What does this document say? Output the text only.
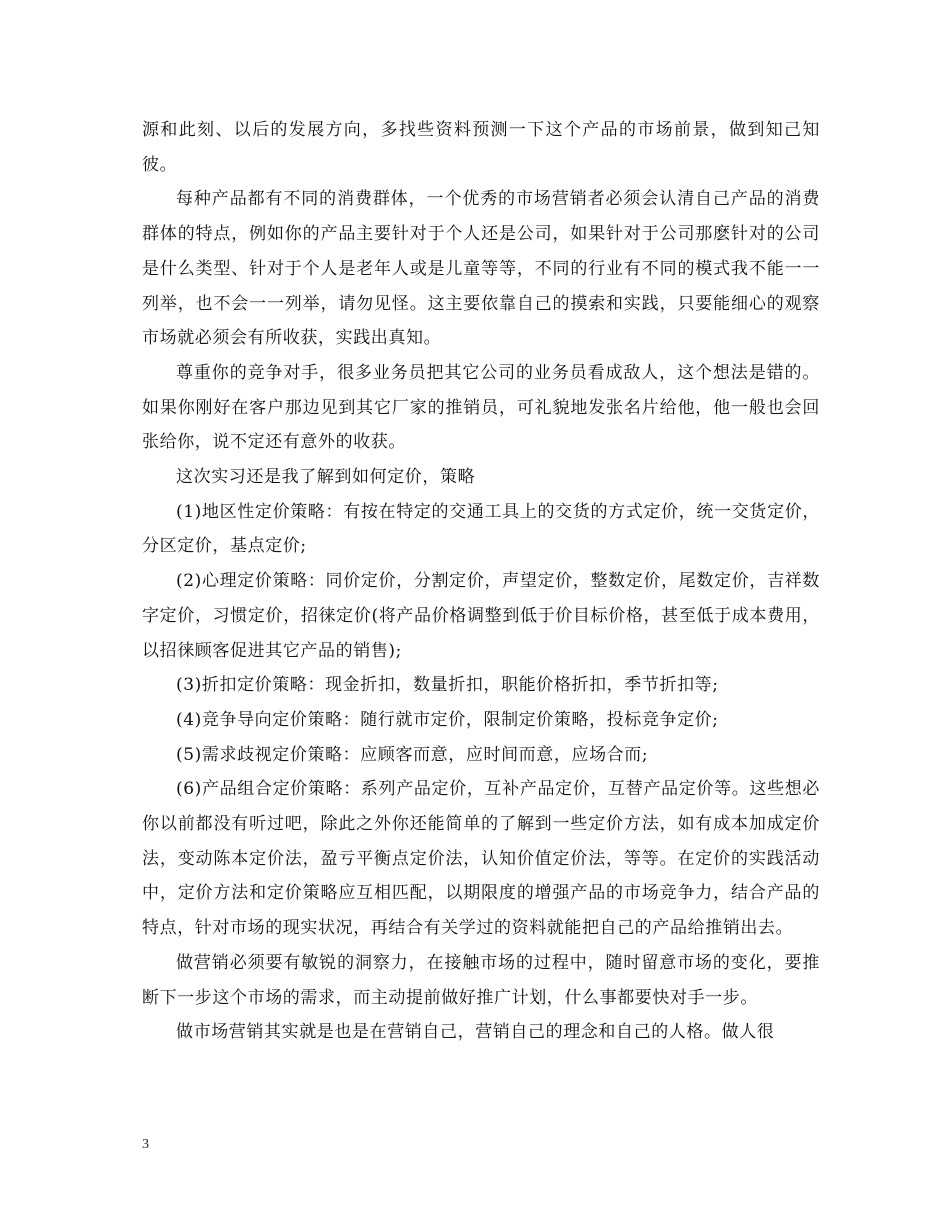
源和此刻、以后的发展方向，多找些资料预测一下这个产品的市场前景，做到知己知彼。

每种产品都有不同的消费群体，一个优秀的市场营销者必须会认清自己产品的消费群体的特点，例如你的产品主要针对于个人还是公司，如果针对于公司那麽针对的公司是什么类型、针对于个人是老年人或是儿童等等，不同的行业有不同的模式我不能一一列举，也不会一一列举，请勿见怪。这主要依靠自己的摸索和实践，只要能细心的观察市场就必须会有所收获，实践出真知。

尊重你的竞争对手，很多业务员把其它公司的业务员看成敌人，这个想法是错的。如果你刚好在客户那边见到其它厂家的推销员，可礼貌地发张名片给他，他一般也会回张给你，说不定还有意外的收获。

这次实习还是我了解到如何定价，策略

(1)地区性定价策略：有按在特定的交通工具上的交货的方式定价，统一交货定价，分区定价，基点定价;

(2)心理定价策略：同价定价，分割定价，声望定价，整数定价，尾数定价，吉祥数字定价，习惯定价，招徕定价(将产品价格调整到低于价目标价格，甚至低于成本费用，以招徕顾客促进其它产品的销售);

(3)折扣定价策略：现金折扣，数量折扣，职能价格折扣，季节折扣等;

(4)竞争导向定价策略：随行就市定价，限制定价策略，投标竞争定价;

(5)需求歧视定价策略：应顾客而意，应时间而意，应场合而;

(6)产品组合定价策略：系列产品定价，互补产品定价，互替产品定价等。这些想必你以前都没有听过吧，除此之外你还能简单的了解到一些定价方法，如有成本加成定价法，变动陈本定价法，盈亏平衡点定价法，认知价值定价法，等等。在定价的实践活动中，定价方法和定价策略应互相匹配，以期限度的增强产品的市场竞争力，结合产品的特点，针对市场的现实状况，再结合有关学过的资料就能把自己的产品给推销出去。

做营销必须要有敏锐的洞察力，在接触市场的过程中，随时留意市场的变化，要推断下一步这个市场的需求，而主动提前做好推广计划，什么事都要快对手一步。

做市场营销其实就是也是在营销自己，营销自己的理念和自己的人格。做人很

3
